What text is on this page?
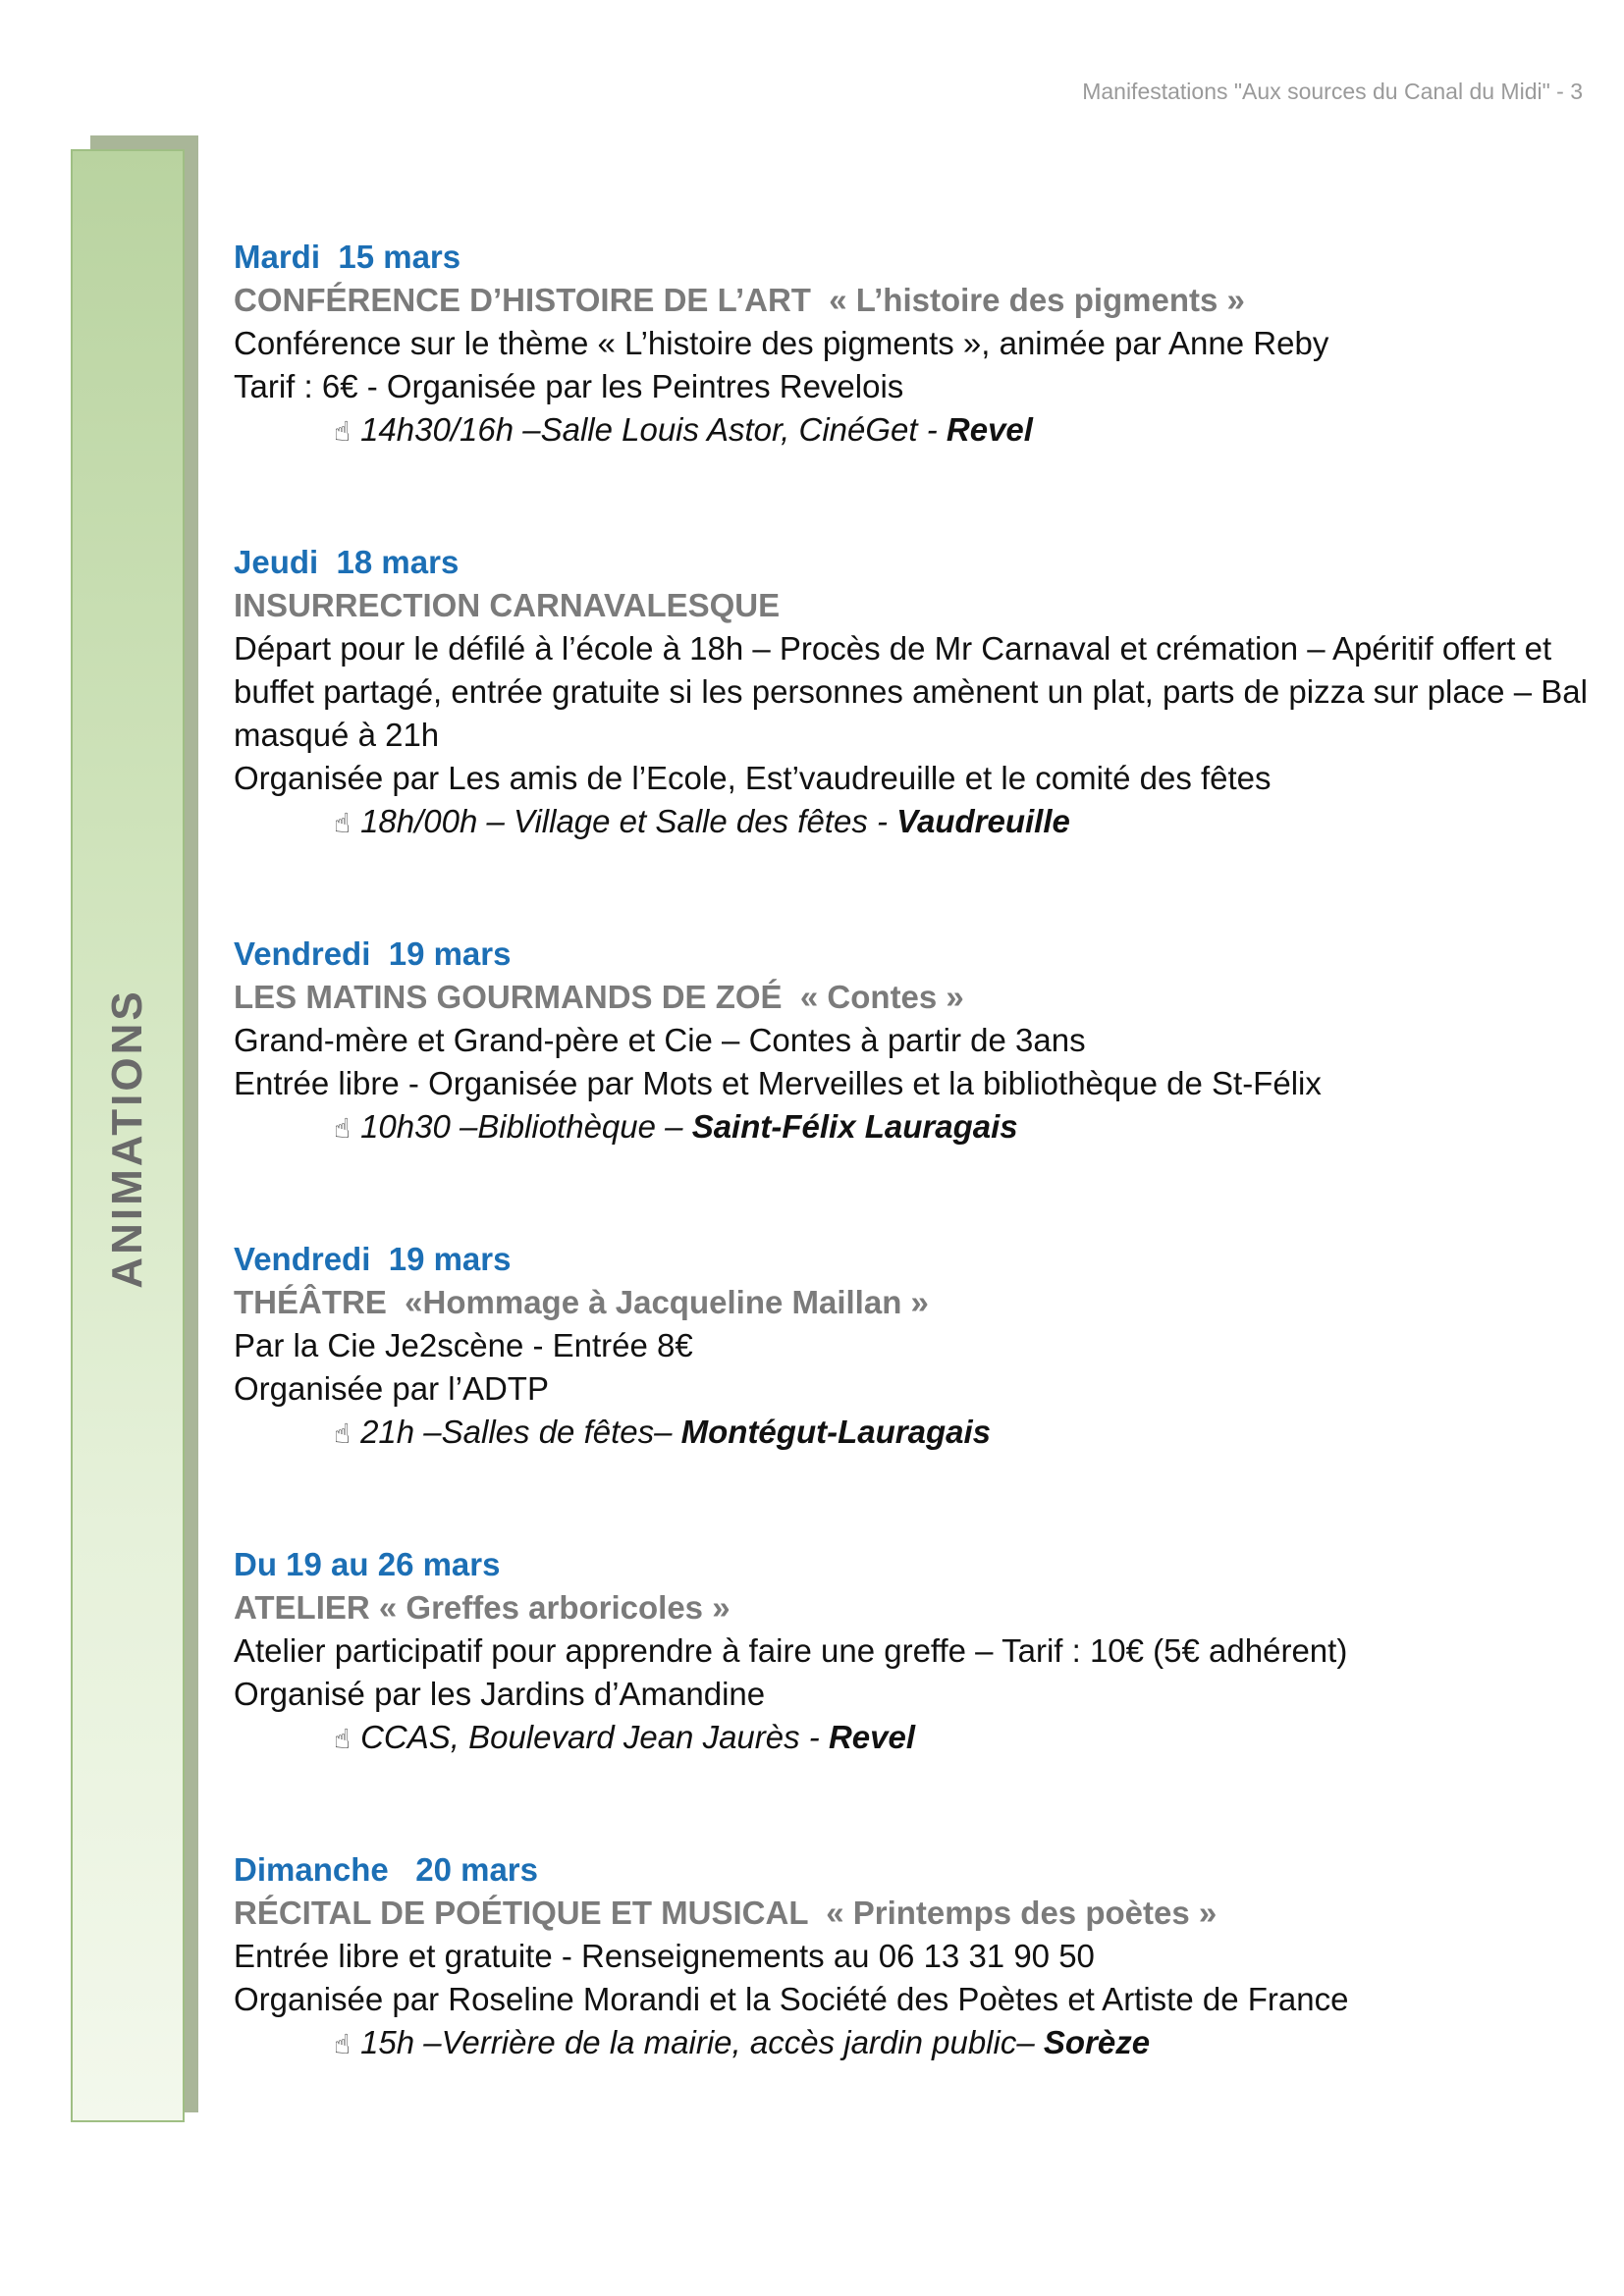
Manifestations "Aux sources du Canal du Midi" - 3
ANIMATIONS
Mardi  15 mars
CONFÉRENCE D’HISTOIRE DE L’ART  « L’histoire des pigments »
Conférence sur le thème « L’histoire des pigments », animée par Anne Reby
Tarif : 6€ - Organisée par les Peintres Revelois
☝ 14h30/16h –Salle Louis Astor, CinéGet - Revel
Jeudi  18 mars
INSURRECTION CARNAVALESQUE
Départ pour le défilé à l’école à 18h – Procès de Mr Carnaval et crémation – Apéritif offert et buffet partagé, entrée gratuite si les personnes amènent un plat, parts de pizza sur place – Bal masqué à 21h
Organisée par Les amis de l’Ecole, Est’vaudreuille et le comité des fêtes
☝ 18h/00h – Village et Salle des fêtes - Vaudreuille
Vendredi  19 mars
LES MATINS GOURMANDS DE ZOÉ  « Contes »
Grand-mère et Grand-père et Cie – Contes à partir de 3ans
Entrée libre - Organisée par Mots et Merveilles et la bibliothèque de St-Félix
☝ 10h30 –Bibliothèque – Saint-Félix Lauragais
Vendredi  19 mars
THÉÂTRE  «Hommage à Jacqueline Maillan »
Par la Cie Je2scène - Entrée 8€
Organisée par l’ADTP
☝ 21h –Salles de fêtes– Montégut-Lauragais
Du 19 au 26 mars
ATELIER « Greffes arboricoles »
Atelier participatif pour apprendre à faire une greffe – Tarif : 10€ (5€ adhérent)
Organisé par les Jardins d’Amandine
☝ CCAS, Boulevard Jean Jaurès - Revel
Dimanche   20 mars
RÉCITAL DE POÉTIQUE ET MUSICAL  « Printemps des poètes »
Entrée libre et gratuite - Renseignements au 06 13 31 90 50
Organisée par Roseline Morandi et la Société des Poètes et Artiste de France
☝ 15h –Verrière de la mairie, accès jardin public– Sorèze
